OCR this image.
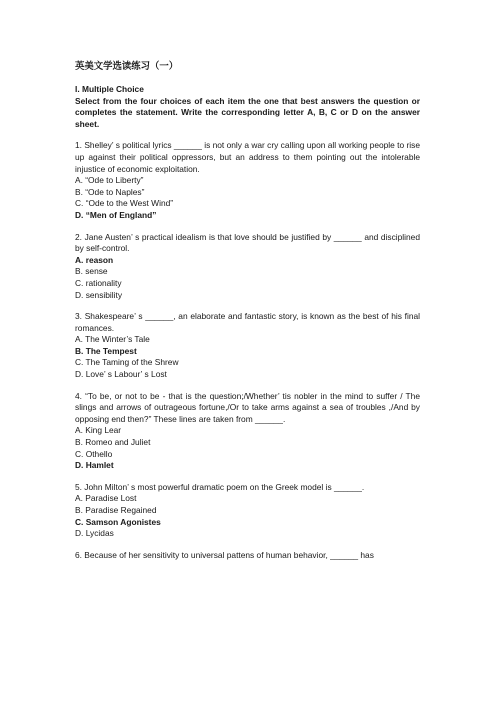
英美文学选读练习（一）

I. Multiple Choice

Select from the four choices of each item the one that best answers the question or completes the statement. Write the corresponding letter A, B, C or D on the answer sheet.

1. Shelley’ s political lyrics ______ is not only a war cry calling upon all working people to rise up against their political oppressors, but an address to them pointing out the intolerable injustice of economic exploitation.

A. “Ode to Liberty”

B. “Ode to Naples”

C. “Ode to the West Wind”

D. “Men of England”

2. Jane Austen’ s practical idealism is that love should be justified by ______ and disciplined by self-control.

A. reason

B. sense

C. rationality

D. sensibility

3. Shakespeare’ s ______, an elaborate and fantastic story, is known as the best of his final romances.

A. The Winter’s Tale

B. The Tempest

C. The Taming of the Shrew

D. Love’ s Labour’ s Lost

4. “To be, or not to be - that is the question;/Whether’ tis nobler in the mind to suffer / The slings and arrows of outrageous fortune,/Or to take arms against a sea of troubles ,/And by opposing end then?” These lines are taken from ______.

A. King Lear

B. Romeo and Juliet

C. Othello

D. Hamlet

5. John Milton’ s most powerful dramatic poem on the Greek model is ______.

A. Paradise Lost

B. Paradise Regained

C. Samson Agonistes

D. Lycidas

6. Because of her sensitivity to universal pattens of human behavior, ______ has
